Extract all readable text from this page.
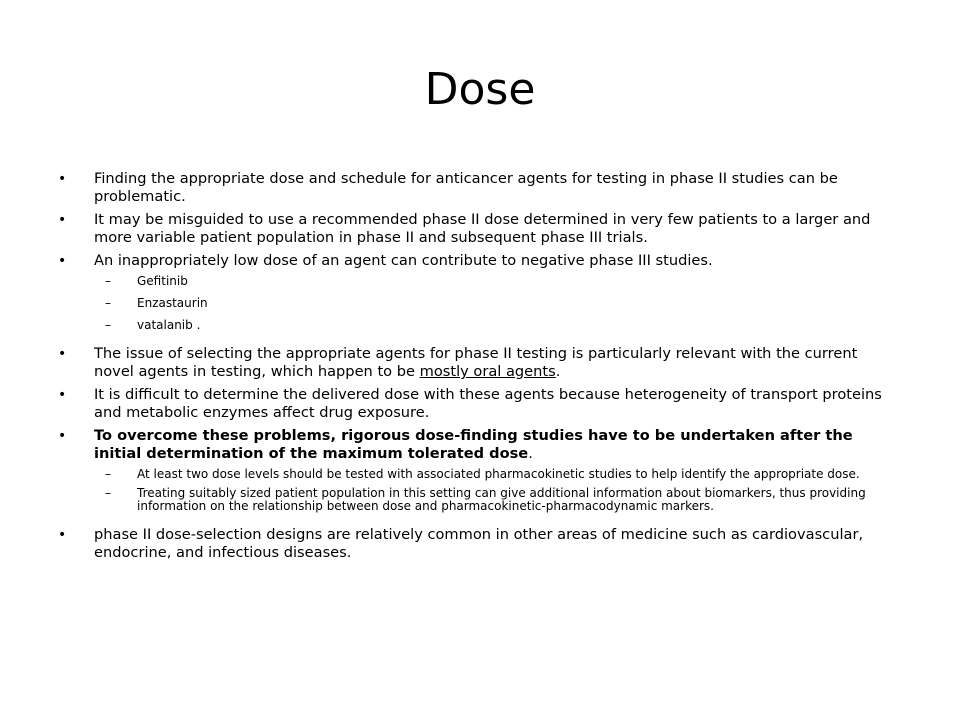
Dose
• Finding the appropriate dose and schedule for anticancer agents for testing in phase II studies can be problematic.
• It may be misguided to use a recommended phase II dose determined in very few patients to a larger and more variable patient population in phase II and subsequent phase III trials.
• An inappropriately low dose of an agent can contribute to negative phase III studies.
– Gefitinib
– Enzastaurin
– vatalanib .
• The issue of selecting the appropriate agents for phase II testing is particularly relevant with the current novel agents in testing, which happen to be mostly oral agents.
• It is difficult to determine the delivered dose with these agents because heterogeneity of transport proteins and metabolic enzymes affect drug exposure.
• To overcome these problems, rigorous dose-finding studies have to be undertaken after the initial determination of the maximum tolerated dose.
– At least two dose levels should be tested with associated pharmacokinetic studies to help identify the appropriate dose.
– Treating suitably sized patient population in this setting can give additional information about biomarkers, thus providing information on the relationship between dose and pharmacokinetic-pharmacodynamic markers.
• phase II dose-selection designs are relatively common in other areas of medicine such as cardiovascular, endocrine, and infectious diseases.
